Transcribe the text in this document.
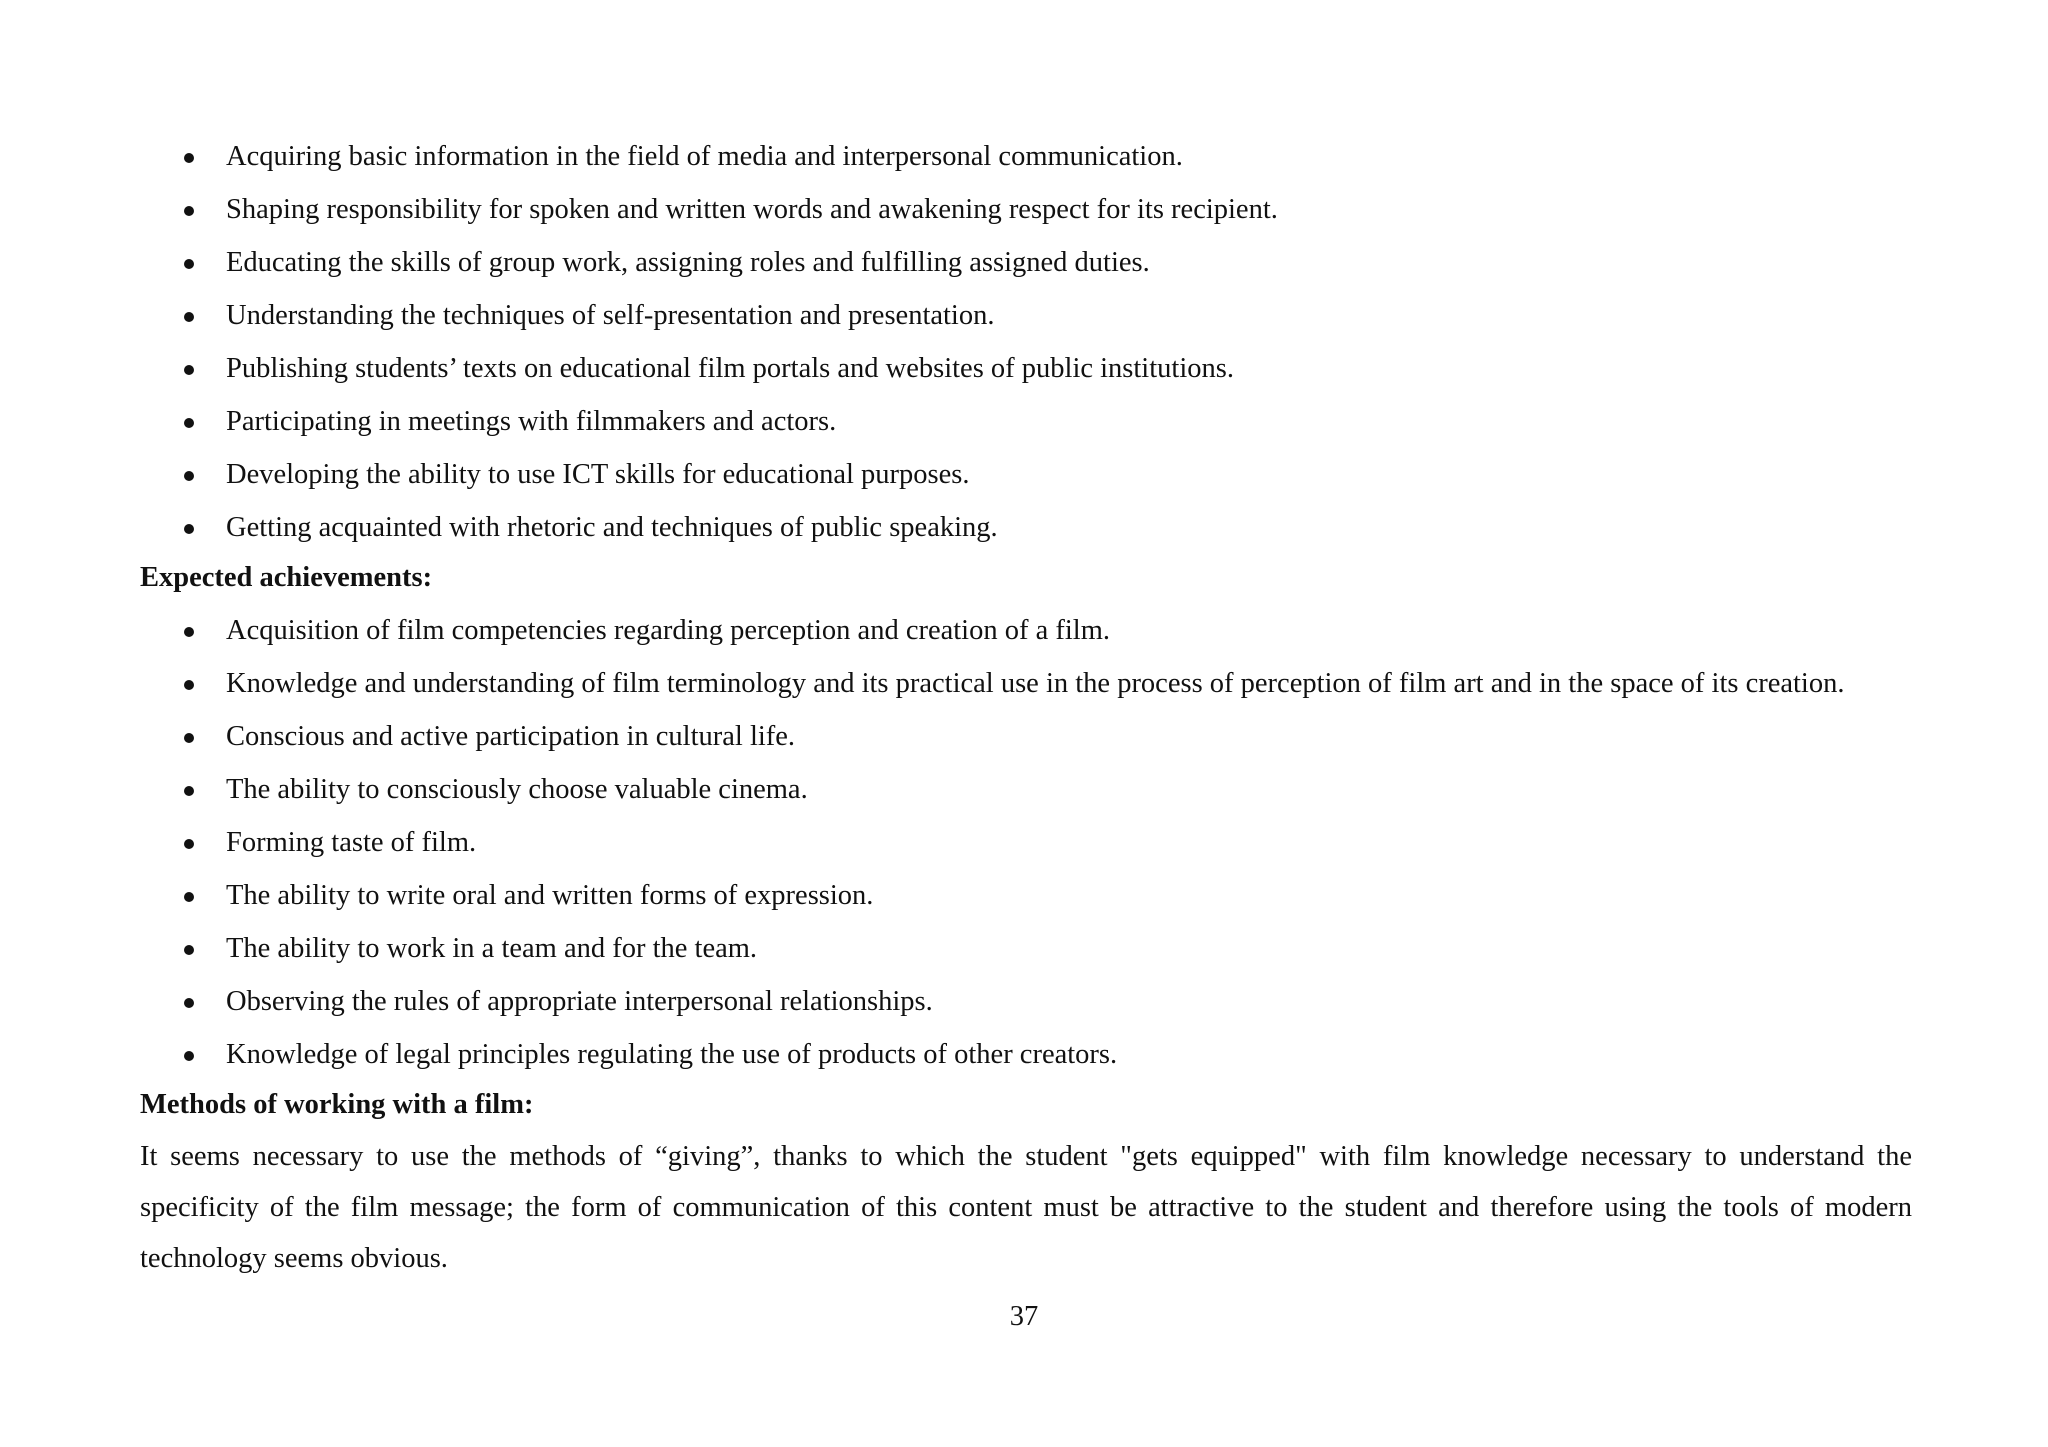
Acquiring basic information in the field of media and interpersonal communication.
Shaping responsibility for spoken and written words and awakening respect for its recipient.
Educating the skills of group work, assigning roles and fulfilling assigned duties.
Understanding the techniques of self-presentation and presentation.
Publishing students’ texts on educational film portals and websites of public institutions.
Participating in meetings with filmmakers and actors.
Developing the ability to use ICT skills for educational purposes.
Getting acquainted with rhetoric and techniques of public speaking.
Expected achievements:
Acquisition of film competencies regarding perception and creation of a film.
Knowledge and understanding of film terminology and its practical use in the process of perception of film art and in the space of its creation.
Conscious and active participation in cultural life.
The ability to consciously choose valuable cinema.
Forming taste of film.
The ability to write oral and written forms of expression.
The ability to work in a team and for the team.
Observing the rules of appropriate interpersonal relationships.
Knowledge of legal principles regulating the use of products of other creators.
Methods of working with a film:

It seems necessary to use the methods of “giving”, thanks to which the student "gets equipped" with film knowledge necessary to understand the specificity of the film message; the form of communication of this content must be attractive to the student and therefore using the tools of modern technology seems obvious.

37
